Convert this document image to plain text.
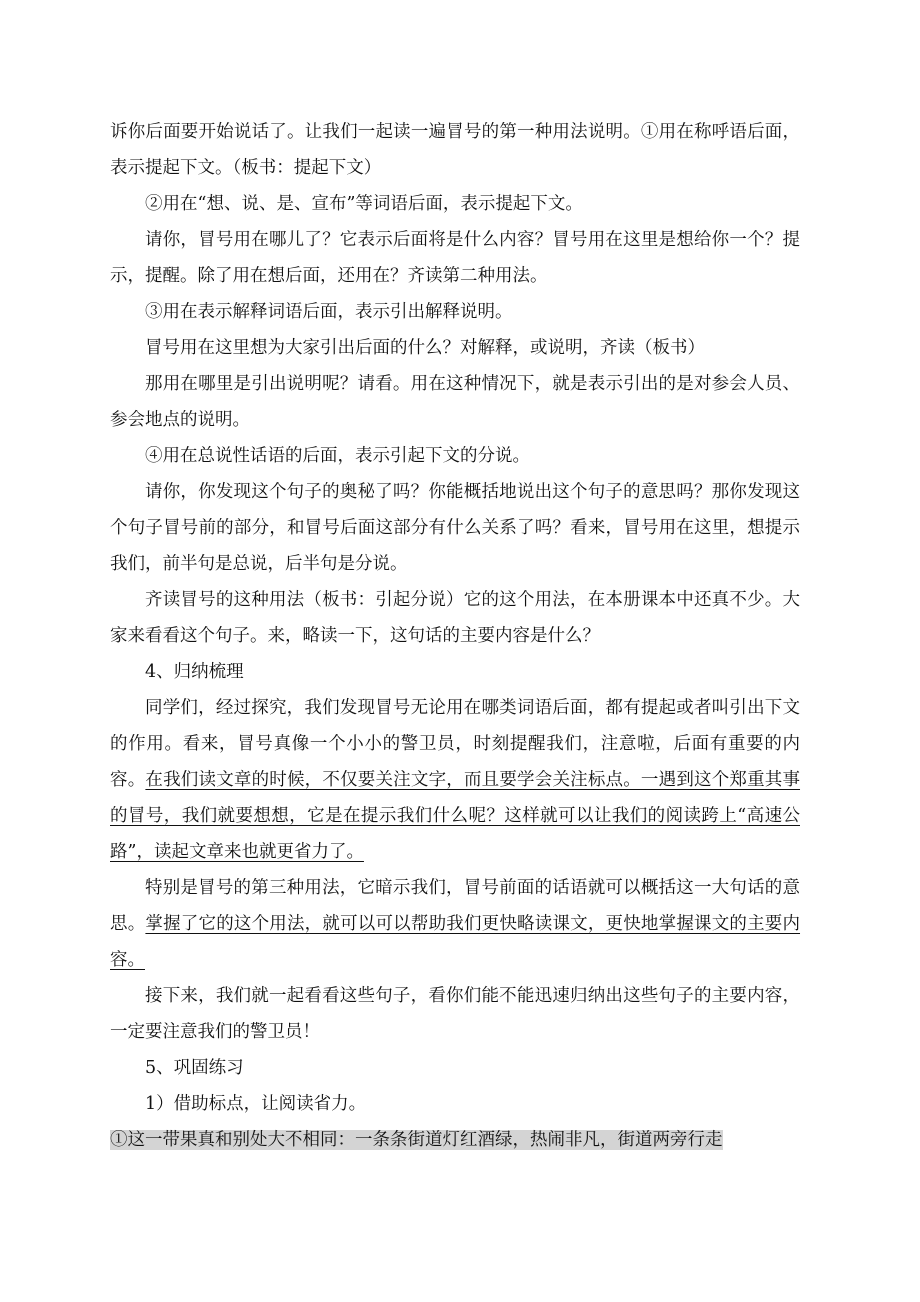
诉你后面要开始说话了。让我们一起读一遍冒号的第一种用法说明。①用在称呼语后面，表示提起下文。（板书：提起下文）

②用在“想、说、是、宣布”等词语后面，表示提起下文。

请你，冒号用在哪儿了？它表示后面将是什么内容？冒号用在这里是想给你一个？提示，提醒。除了用在想后面，还用在？齐读第二种用法。

③用在表示解释词语后面，表示引出解释说明。

冒号用在这里想为大家引出后面的什么？对解释，或说明，齐读（板书）

那用在哪里是引出说明呢？请看。用在这种情况下，就是表示引出的是对参会人员、参会地点的说明。

④用在总说性话语的后面，表示引起下文的分说。

请你，你发现这个句子的奥秘了吗？你能概括地说出这个句子的意思吗？那你发现这个句子冒号前的部分，和冒号后面这部分有什么关系了吗？看来，冒号用在这里，想提示我们，前半句是总说，后半句是分说。

齐读冒号的这种用法（板书：引起分说）它的这个用法，在本册课本中还真不少。大家来看看这个句子。来，略读一下，这句话的主要内容是什么？

4、归纳梳理

同学们，经过探究，我们发现冒号无论用在哪类词语后面，都有提起或者叫引出下文的作用。看来，冒号真像一个小小的警卫员，时刻提醒我们，注意啦，后面有重要的内容。在我们读文章的时候，不仅要关注文字，而且要学会关注标点。一遇到这个郑重其事的冒号，我们就要想想，它是在提示我们什么呢？这样就可以让我们的阅读跨上“高速公路”，读起文章来也就更省力了。

特别是冒号的第三种用法，它暗示我们，冒号前面的话语就可以概括这一大句话的意思。掌握了它的这个用法，就可以可以帮助我们更快略读课文，更快地掌握课文的主要内容。

接下来，我们就一起看看这些句子，看你们能不能迅速归纳出这些句子的主要内容，一定要注意我们的警卫员！

5、巩固练习

1）借助标点，让阅读省力。

①这一带果真和别处大不相同：一条条街道灯红酒绿，热闹非凡，街道两旁行走
